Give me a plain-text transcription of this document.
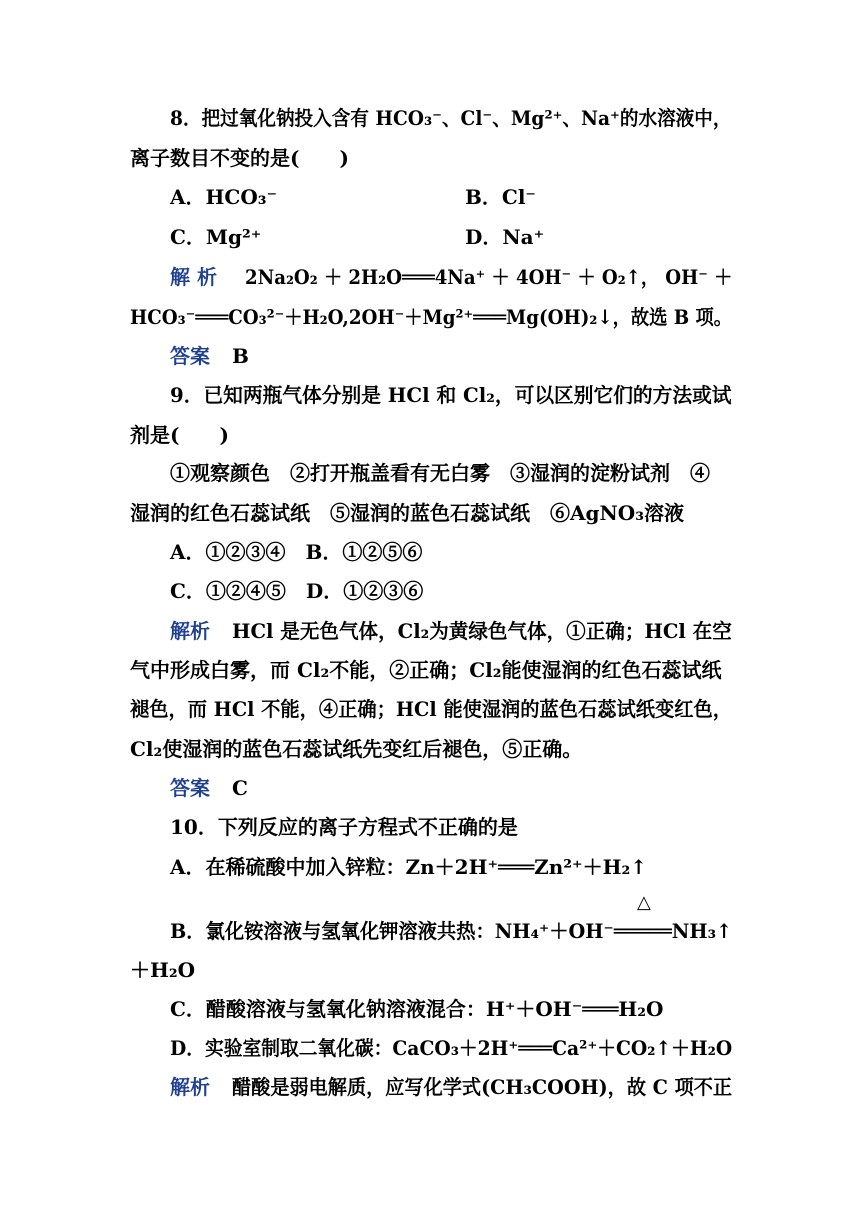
8．把过氧化钠投入含有 HCO₃⁻、Cl⁻、Mg²⁺、Na⁺的水溶液中，
离子数目不变的是(　　)
A．HCO₃⁻	B．Cl⁻
C．Mg²⁺	D．Na⁺
解 析 2Na₂O₂ ＋ 2H₂O═══4Na⁺ ＋ 4OH⁻ ＋ O₂↑， OH⁻ ＋
HCO₃⁻═══CO₃²⁻＋H₂O,2OH⁻＋Mg²⁺═══Mg(OH)₂↓，故选 B 项。
答案 B
9．已知两瓶气体分别是 HCl 和 Cl₂，可以区别它们的方法或试
剂是(　　)
①观察颜色　②打开瓶盖看有无白雾　③湿润的淀粉试剂　④
湿润的红色石蕊试纸　⑤湿润的蓝色石蕊试纸　⑥AgNO₃溶液
A．①②③④　B．①②⑤⑥
C．①②④⑤　D．①②③⑥
解析 HCl 是无色气体，Cl₂为黄绿色气体，①正确；HCl 在空
气中形成白雾，而 Cl₂不能，②正确；Cl₂能使湿润的红色石蕊试纸
褪色，而 HCl 不能，④正确；HCl 能使湿润的蓝色石蕊试纸变红色，
Cl₂使湿润的蓝色石蕊试纸先变红后褪色，⑤正确。
答案 C
10．下列反应的离子方程式不正确的是
A．在稀硫酸中加入锌粒：Zn＋2H⁺═══Zn²⁺＋H₂↑
△
B．氯化铵溶液与氢氧化钾溶液共热：NH₄⁺＋OH⁻═════NH₃↑
＋H₂O
C．醋酸溶液与氢氧化钠溶液混合：H⁺＋OH⁻═══H₂O
D．实验室制取二氧化碳：CaCO₃＋2H⁺═══Ca²⁺＋CO₂↑＋H₂O
解析 醋酸是弱电解质，应写化学式(CH₃COOH)，故 C 项不正
